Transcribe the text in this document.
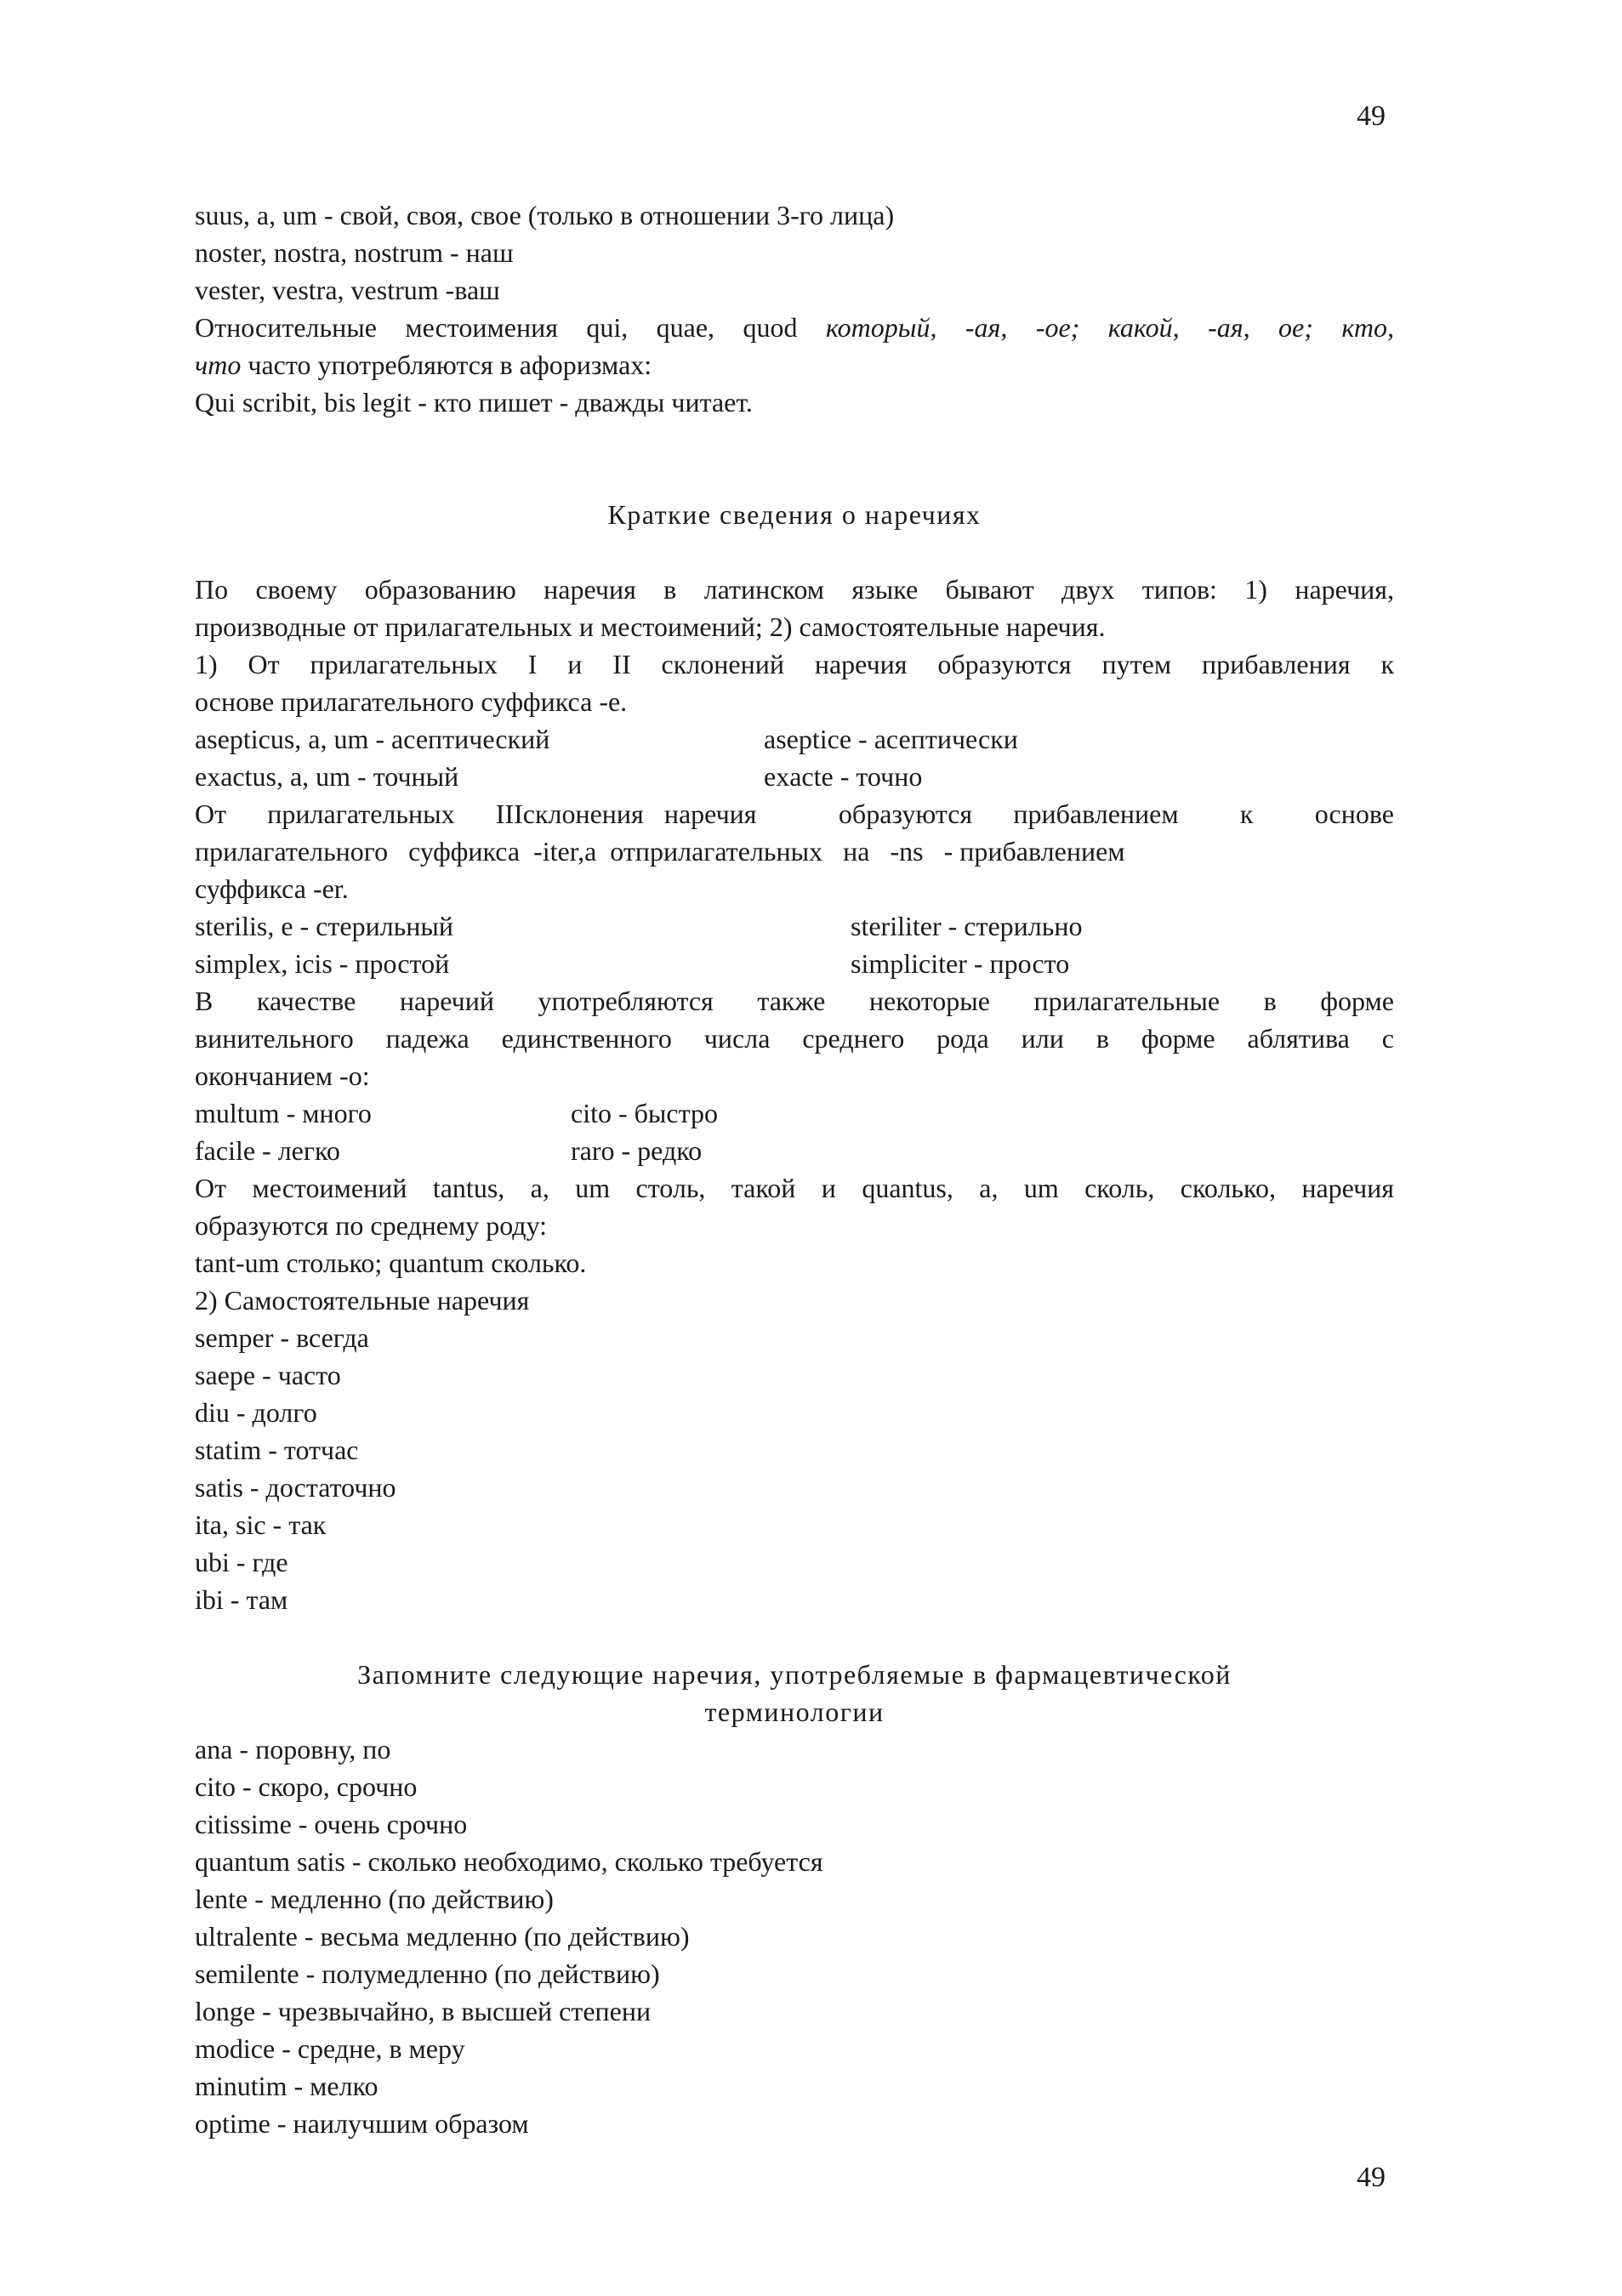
49
suus, a, um - свой, своя, свое (только в отношении 3-го лица)
noster, nostra, nostrum - наш
vester, vestra, vestrum -ваш
Относительные местоимения qui, quae, quod который, -ая, -ое; какой, -ая, ое; кто,
что часто употребляются в афоризмах:
Qui scribit, bis legit - кто пишет - дважды читает.
Краткие сведения о наречиях
По своему образованию наречия в латинском языке бывают двух типов: 1) наречия,
производные от прилагательных и местоимений; 2) самостоятельные наречия.
1) От прилагательных I и II склонений наречия образуются путем прибавления к
основе прилагательного суффикса -е.
asepticus, a, um - асептический	aseptice - асептически
exactus, a, um - точный	exacte - точно
От  прилагательных  IIIсклонения наречия    образуются  прибавлением   к   основе
прилагательного   суффикса  -iter,а  отприлагательных   на   -ns   - прибавлением
суффикса -er.
sterilis, е - стерильный	steriliter - стерильно
simplex, icis - простой	simpliciter - просто
В качестве наречий употребляются также некоторые прилагательные в форме
винительного падежа единственного числа среднего рода или в форме аблятива с
окончанием -о:
multum - много	cito - быстро
facile - легко	raro - редко
От местоимений tantus, а, um столь, такой и quantus, а, um сколь, сколько, наречия
образуются по среднему роду:
tant-um столько; quantum сколько.
2) Самостоятельные наречия
semper - всегда
saepe - часто
diu - долго
statim - тотчас
satis - достаточно
ita, sic - так
ubi - где
ibi - там
Запомните следующие наречия, употребляемые в фармацевтической
терминологии
ana - поровну, по
cito - скоро, срочно
citissime - очень срочно
quantum satis - сколько необходимо, сколько требуется
lente - медленно (по действию)
ultralente - весьма медленно (по действию)
semilente - полумедленно (по действию)
longe - чрезвычайно, в высшей степени
modice - средне, в меру
minutim - мелко
optime - наилучшим образом
49
